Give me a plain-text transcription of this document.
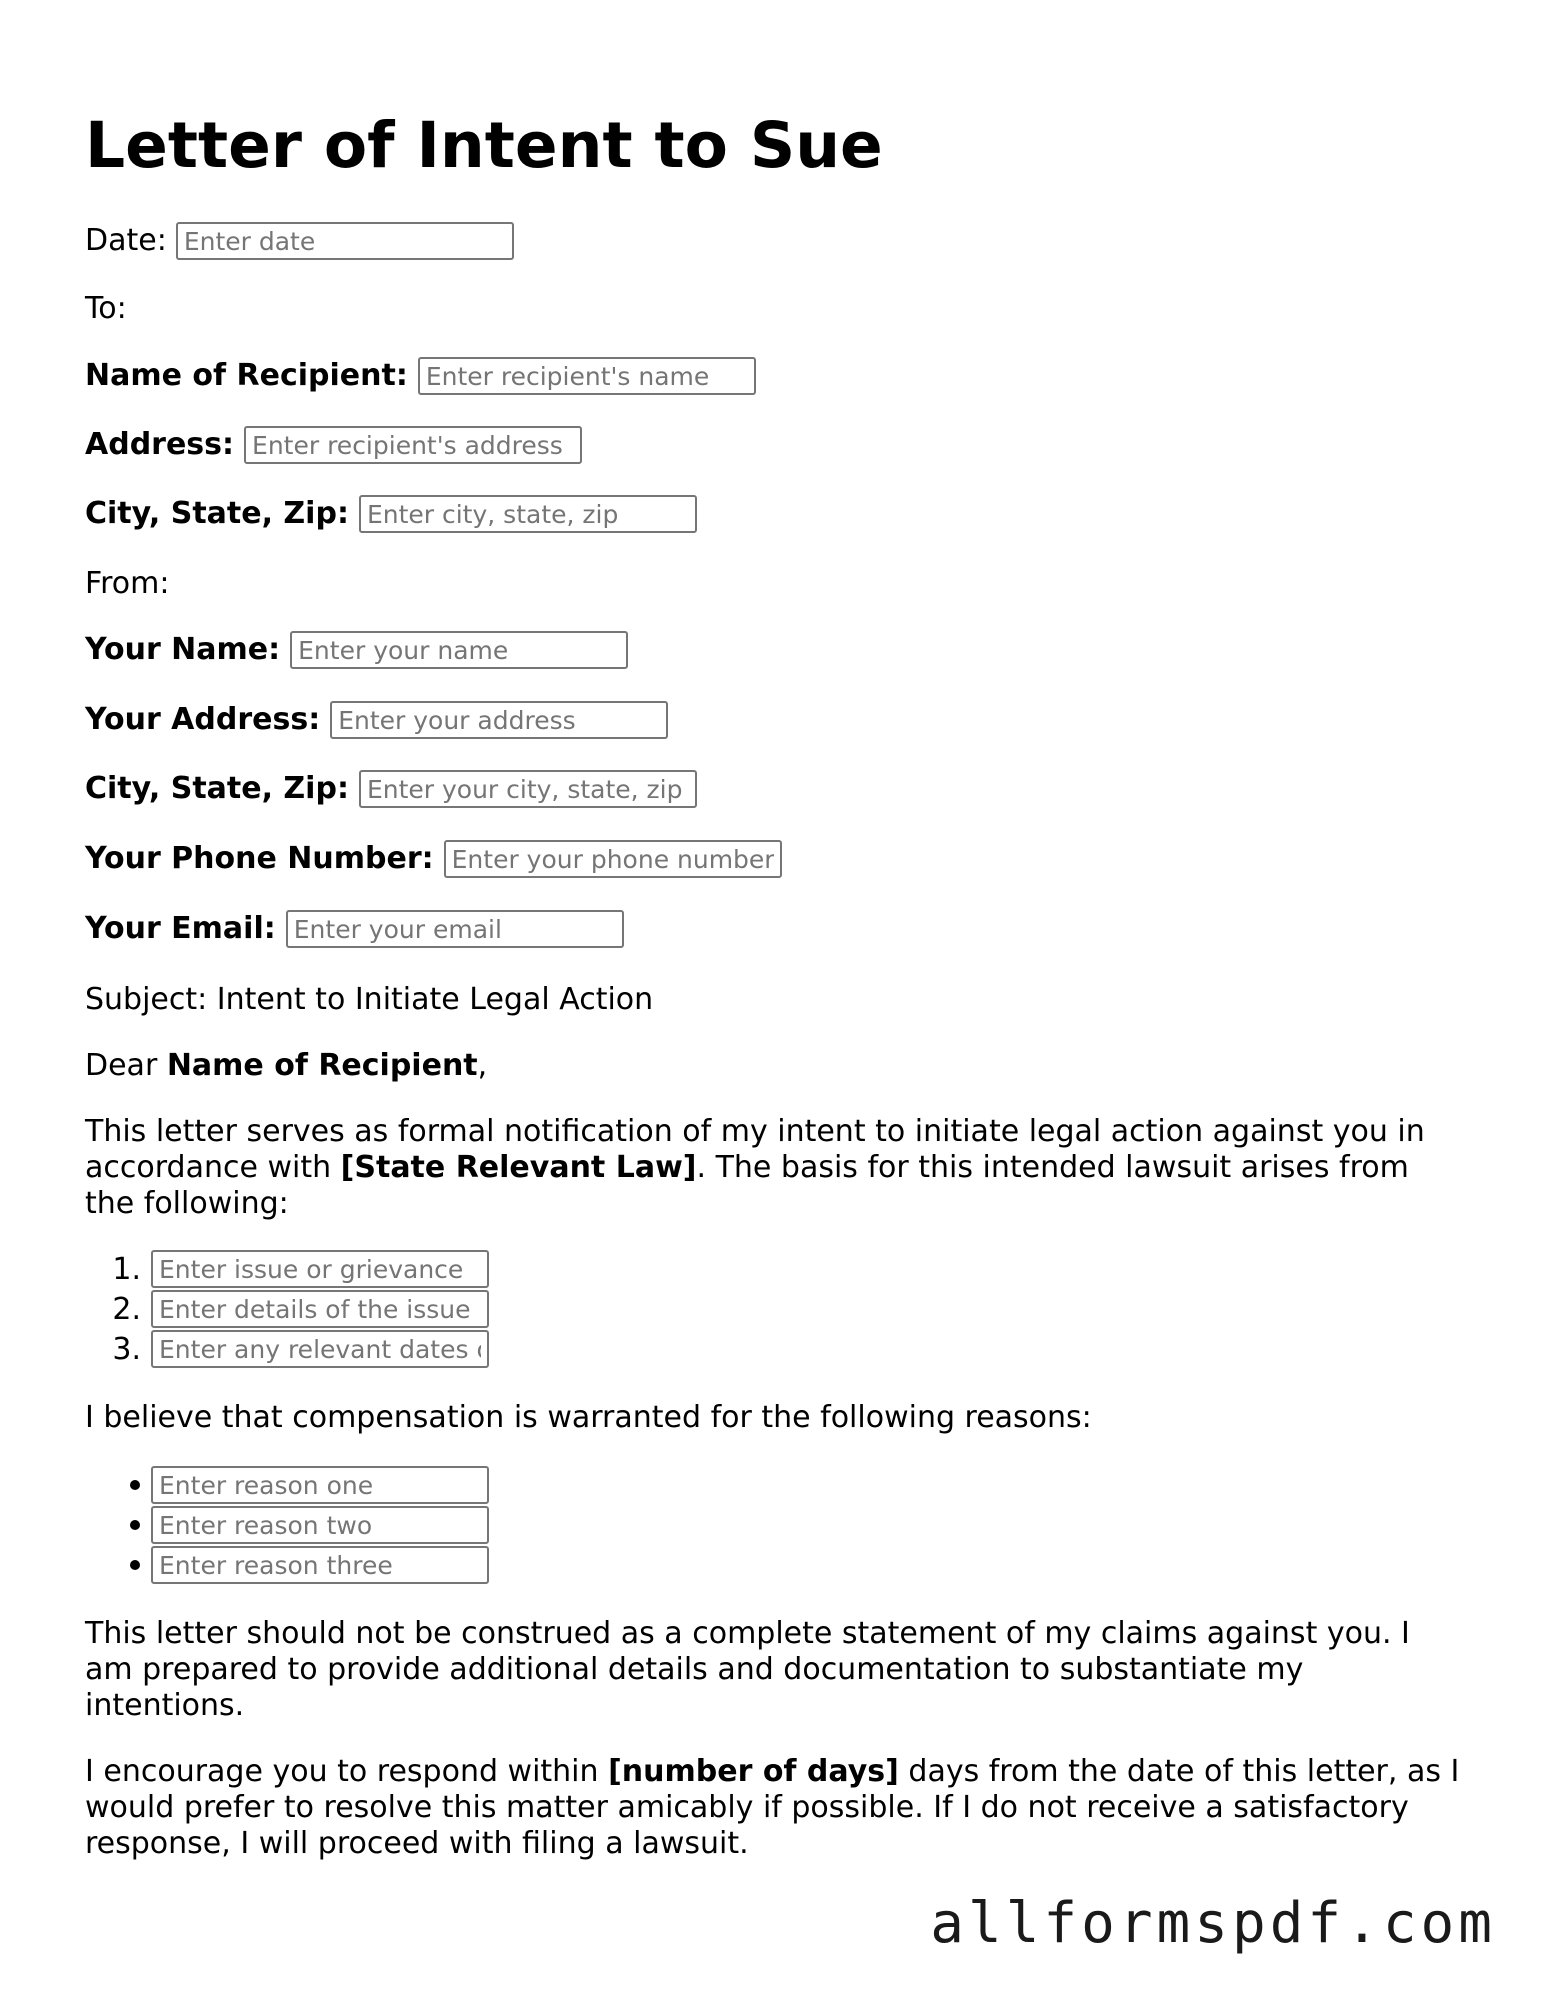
Letter of Intent to Sue
Date:
Enter date
To:
Name of Recipient:
Enter recipient's name
Address:
Enter recipient's address
City, State, Zip:
Enter city, state, zip
From:
Your Name:
Enter your name
Your Address:
Enter your address
City, State, Zip:
Enter your city, state, zip
Your Phone Number:
Enter your phone number
Your Email:
Enter your email

Subject: Intent to Initiate Legal Action

Dear Name of Recipient,

This letter serves as formal notification of my intent to initiate legal action against you in accordance with [State Relevant Law]. The basis for this intended lawsuit arises from the following:

1.
Enter issue or grievance
2.
Enter details of the issue
3.
Enter any relevant dates or events

I believe that compensation is warranted for the following reasons:

Enter reason one
Enter reason two
Enter reason three

This letter should not be construed as a complete statement of my claims against you. I am prepared to provide additional details and documentation to substantiate my intentions.

I encourage you to respond within [number of days] days from the date of this letter, as I would prefer to resolve this matter amicably if possible. If I do not receive a satisfactory response, I will proceed with filing a lawsuit.

allformspdf.com
